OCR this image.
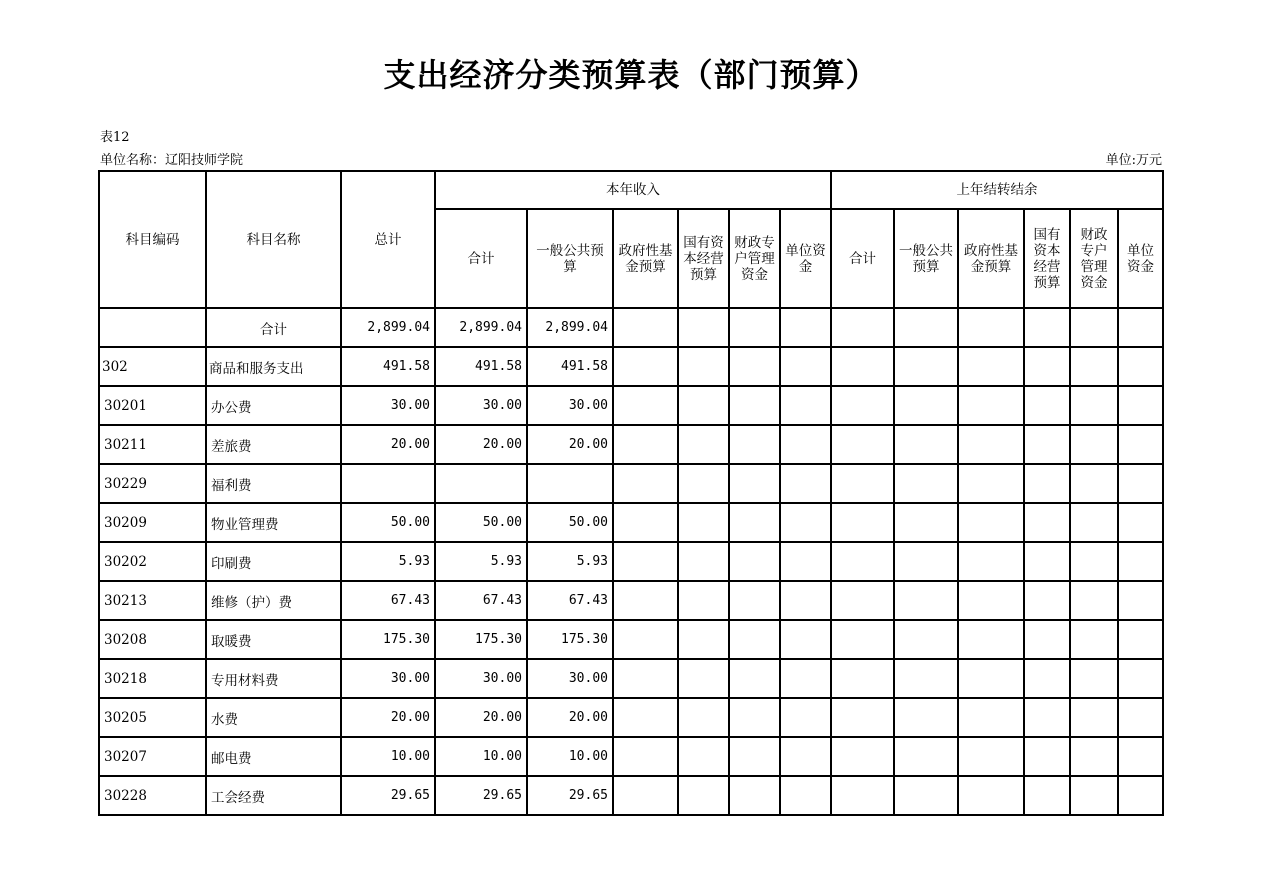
支出经济分类预算表（部门预算）
表12
单位名称：辽阳技师学院	单位:万元
科目编码	科目名称	总计	本年收入						上年结转结余					
			合计	一般公共预算	政府性基金预算	国有资本经营预算	财政专户管理资金	单位资金	合计	一般公共预算	政府性基金预算	国有资本经营预算	财政专户管理资金	单位资金
	合计	2,899.04	2,899.04	2,899.04										
302	商品和服务支出	491.58	491.58	491.58										
30201	办公费	30.00	30.00	30.00										
30211	差旅费	20.00	20.00	20.00										
30229	福利费													
30209	物业管理费	50.00	50.00	50.00										
30202	印刷费	5.93	5.93	5.93										
30213	维修（护）费	67.43	67.43	67.43										
30208	取暖费	175.30	175.30	175.30										
30218	专用材料费	30.00	30.00	30.00										
30205	水费	20.00	20.00	20.00										
30207	邮电费	10.00	10.00	10.00										
30228	工会经费	29.65	29.65	29.65										
